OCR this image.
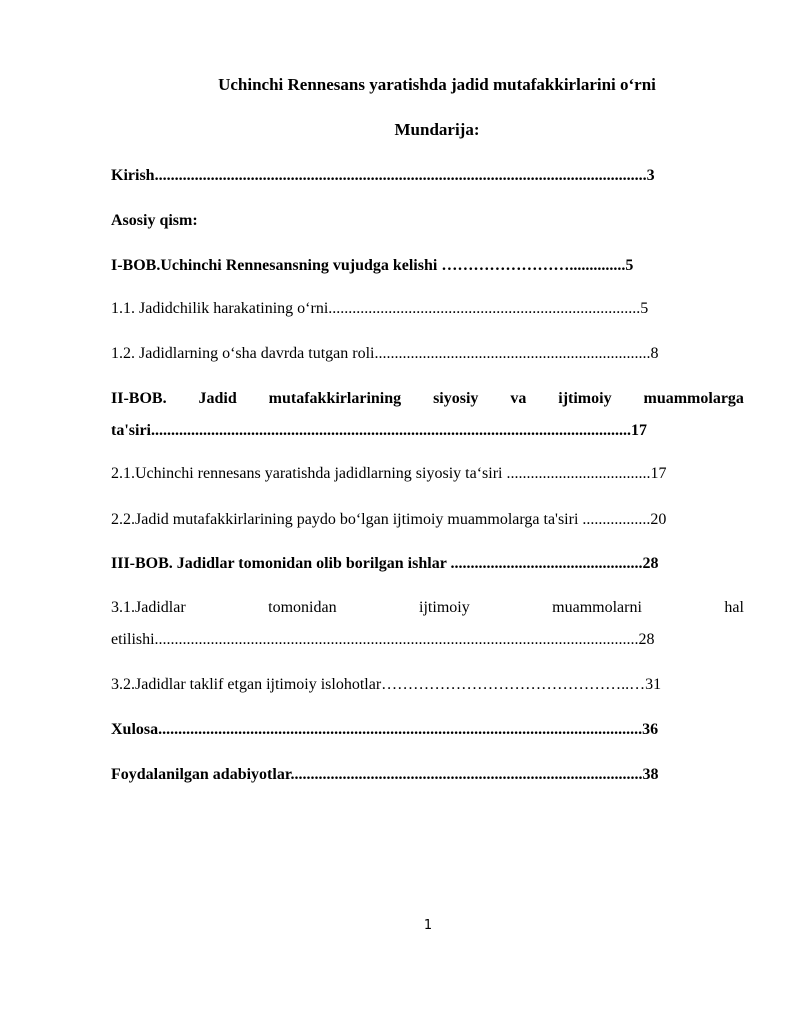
Uchinchi Rennesans yaratishda jadid mutafakkirlarini o‘rni
Mundarija:
Kirish...........................................................................................................................3
Asosiy qism:
I-BOB.Uchinchi Rennesansning vujudga kelishi ……………………..............5
1.1. Jadidchilik harakatining o‘rni..............................................................................5
1.2. Jadidlarning o‘sha davrda tutgan roli.....................................................................8
II-BOB. Jadid mutafakkirlarining siyosiy va ijtimoiy muammolarga
ta'siri........................................................................................................................17
2.1.Uchinchi rennesans yaratishda jadidlarning siyosiy ta‘siri ....................................17
2.2.Jadid mutafakkirlarining paydo bo‘lgan ijtimoiy muammolarga ta'siri .................20
III-BOB. Jadidlar tomonidan olib borilgan ishlar ................................................28
3.1.Jadidlar	tomonidan	ijtimoiy	muammolarni	hal
etilishi.........................................................................................................................28
3.2.Jadidlar taklif etgan ijtimoiy islohotlar………………………………………..…31
Xulosa.........................................................................................................................36
Foydalanilgan adabiyotlar........................................................................................38
1
